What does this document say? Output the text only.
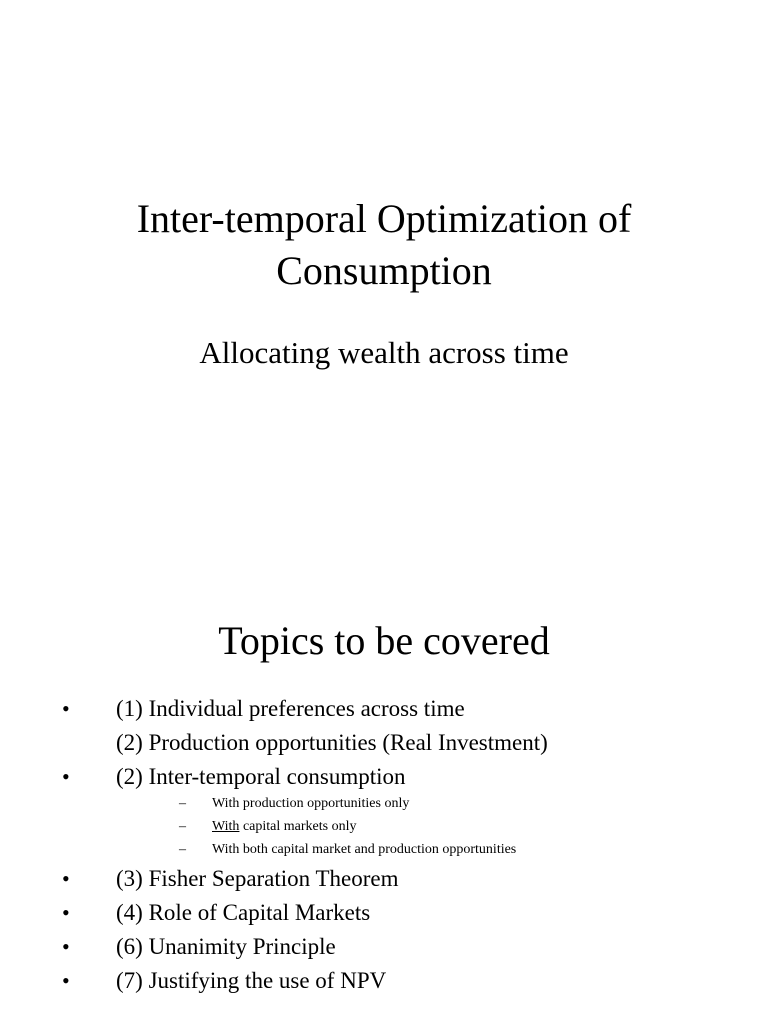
Inter-temporal Optimization of
Consumption

Allocating wealth across time

Topics to be covered
• (1) Individual preferences across time
(2) Production opportunities (Real Investment)
• (2) Inter-temporal consumption
– With production opportunities only
– With capital markets only
– With both capital market and production opportunities
• (3) Fisher Separation Theorem
• (4) Role of Capital Markets
• (6) Unanimity Principle
• (7) Justifying the use of NPV
